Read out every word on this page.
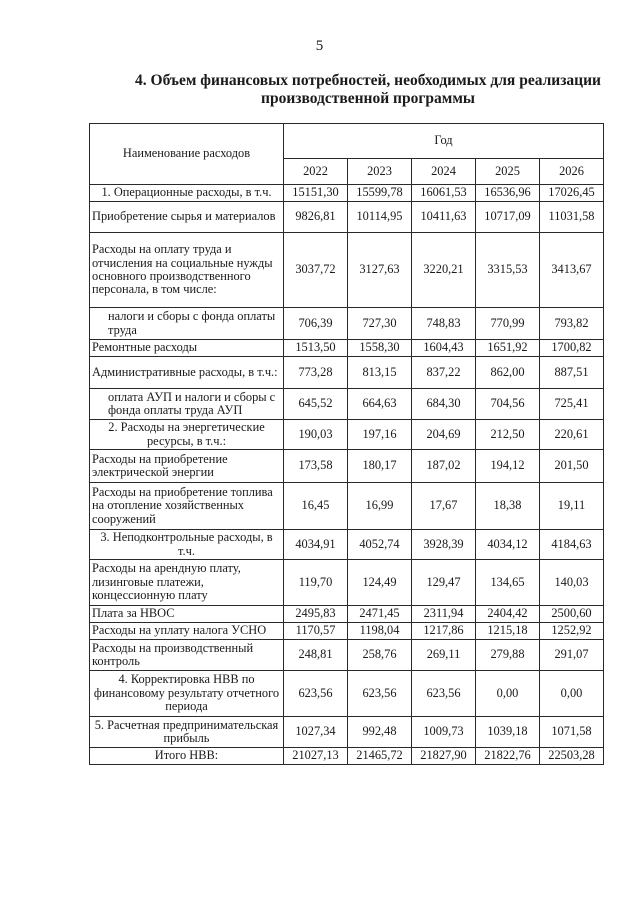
5
4. Объем финансовых потребностей, необходимых для реализации
производственной программы
Наименование расходов	Год				
	2022	2023	2024	2025	2026
1. Операционные расходы, в т.ч.	15151,30	15599,78	16061,53	16536,96	17026,45
Приобретение сырья и материалов	9826,81	10114,95	10411,63	10717,09	11031,58
Расходы на оплату труда и отчисления на социальные нужды основного производственного персонала, в том числе:	3037,72	3127,63	3220,21	3315,53	3413,67
налоги и сборы с фонда оплаты труда	706,39	727,30	748,83	770,99	793,82
Ремонтные расходы	1513,50	1558,30	1604,43	1651,92	1700,82
Административные расходы, в т.ч.:	773,28	813,15	837,22	862,00	887,51
оплата АУП и налоги и сборы с фонда оплаты труда АУП	645,52	664,63	684,30	704,56	725,41
2. Расходы на энергетические ресурсы, в т.ч.:	190,03	197,16	204,69	212,50	220,61
Расходы на приобретение электрической энергии	173,58	180,17	187,02	194,12	201,50
Расходы на приобретение топлива на отопление хозяйственных сооружений	16,45	16,99	17,67	18,38	19,11
3. Неподконтрольные расходы, в т.ч.	4034,91	4052,74	3928,39	4034,12	4184,63
Расходы на арендную плату, лизинговые платежи, концессионную плату	119,70	124,49	129,47	134,65	140,03
Плата за НВОС	2495,83	2471,45	2311,94	2404,42	2500,60
Расходы на уплату налога УСНО	1170,57	1198,04	1217,86	1215,18	1252,92
Расходы на производственный контроль	248,81	258,76	269,11	279,88	291,07
4. Корректировка НВВ по финансовому результату отчетного периода	623,56	623,56	623,56	0,00	0,00
5. Расчетная предпринимательская прибыль	1027,34	992,48	1009,73	1039,18	1071,58
Итого НВВ:	21027,13	21465,72	21827,90	21822,76	22503,28
